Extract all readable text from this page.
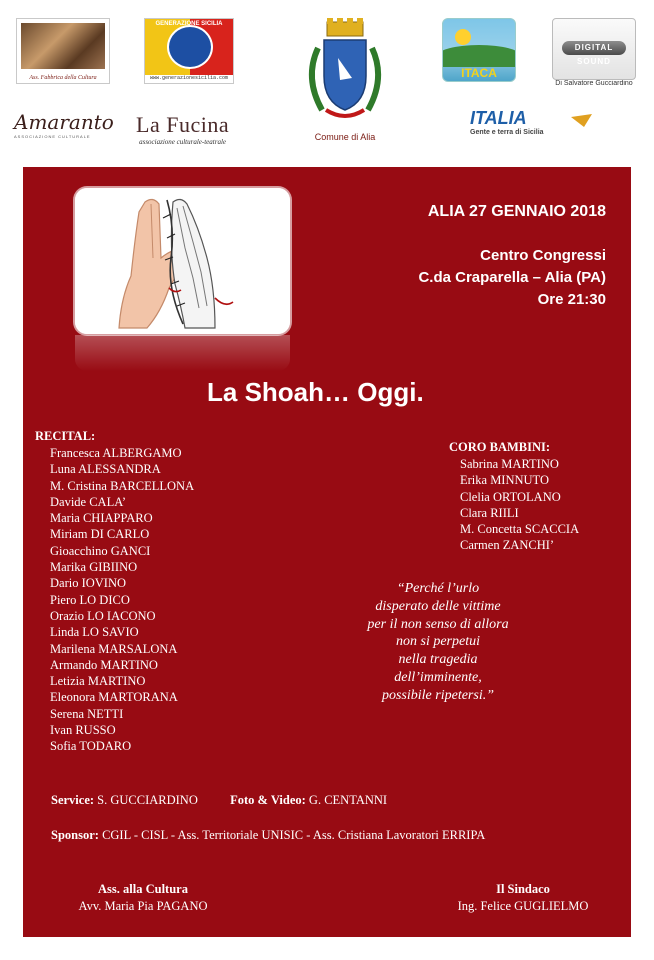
Ass. Fabbrica della Cultura
GENERAZIONE SICILIA
www.generazionesicilia.com
Comune di Alia
ITACA
DIGITAL SOUND
Di Salvatore Gucciardino
Amaranto
ASSOCIAZIONE CULTURALE La Fucina
associazione culturale-teatrale
ITALIA
Gente e terra di Sicilia
ALIA 27 GENNAIO 2018
Centro Congressi
C.da Craparella – Alia (PA)
Ore 21:30
La Shoah… Oggi.
RECITAL:
Francesca ALBERGAMO
Luna ALESSANDRA
M. Cristina BARCELLONA
Davide CALA’
Maria CHIAPPARO
Miriam DI CARLO
Gioacchino GANCI
Marika GIBIINO
Dario IOVINO
Piero LO DICO
Orazio LO IACONO
Linda LO SAVIO
Marilena MARSALONA
Armando MARTINO
Letizia MARTINO
Eleonora MARTORANA
Serena NETTI
Ivan RUSSO
Sofia TODARO
CORO BAMBINI:
Sabrina MARTINO
Erika MINNUTO
Clelia ORTOLANO
Clara RIILI
M. Concetta SCACCIA
Carmen ZANCHI’
“Perché l’urlo
disperato delle vittime
per il non senso di allora
non si perpetui
nella tragedia
dell’imminente,
possibile ripetersi.”
Service: S. GUCCIARDINO	Foto & Video: G. CENTANNI
Sponsor: CGIL - CISL - Ass. Territoriale UNISIC - Ass. Cristiana Lavoratori ERRIPA
Ass. alla Cultura
Avv. Maria Pia PAGANO
Il Sindaco
Ing. Felice GUGLIELMO
